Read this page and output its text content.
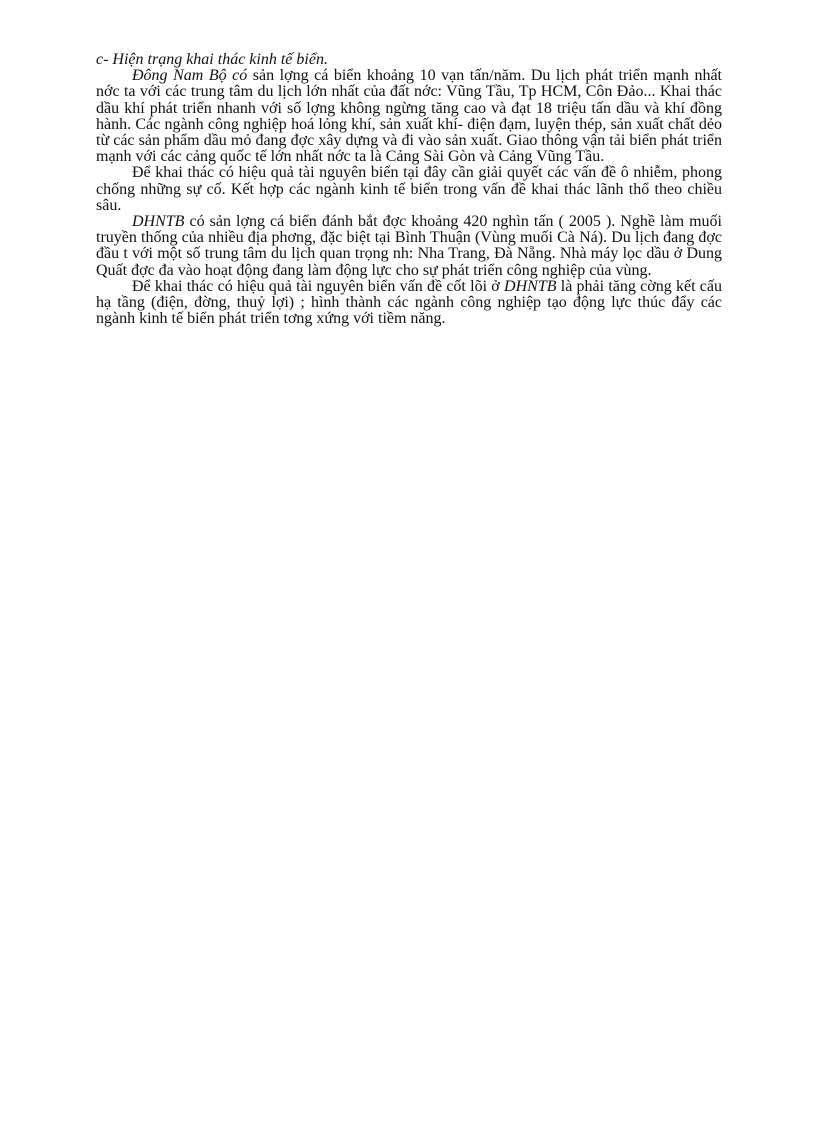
c- Hiện trạng khai thác kinh tế biển.

Đông Nam Bộ có sản lợng cá biển khoảng 10 vạn tấn/năm. Du lịch phát triển mạnh nhất nớc ta với các trung tâm du lịch lớn nhất của đất nớc: Vũng Tầu, Tp HCM, Côn Đảo... Khai thác dầu khí phát triển nhanh với số lợng không ngừng tăng cao và đạt 18 triệu tấn dầu và khí đồng hành. Các ngành công nghiệp hoá lỏng khí, sản xuất khí- điện đạm, luyện thép, sản xuất chất dẻo từ các sản phẩm dầu mỏ đang đợc xây dựng và đi vào sản xuất. Giao thông vận tải biển phát triển mạnh với các cảng quốc tế lớn nhất nớc ta là Cảng Sài Gòn và Cảng Vũng Tầu.

Để khai thác có hiệu quả tài nguyên biển tại đây cần giải quyết các vấn đề ô nhiễm, phong chống những sự cố. Kết hợp các ngành kinh tế biển trong vấn đề khai thác lãnh thổ theo chiều sâu.

DHNTB có sản lợng cá biển đánh bắt đợc khoảng 420 nghìn tấn ( 2005 ). Nghề làm muối truyền thống của nhiều địa phơng, đặc biệt tại Bình Thuận (Vùng muối Cà Ná). Du lịch đang đợc đầu t với một số trung tâm du lịch quan trọng nh: Nha Trang, Đà Nẵng. Nhà máy lọc dầu ở Dung Quất đợc đa vào hoạt động đang làm động lực cho sự phát triển công nghiệp của vùng.

Để khai thác có hiệu quả tài nguyên biển vấn đề cốt lõi ở DHNTB là phải tăng cờng kết cấu hạ tầng (điện, đờng, thuỷ lợi) ; hình thành các ngành công nghiệp tạo động lực thúc đẩy các ngành kinh tế biển phát triển tơng xứng với tiềm năng.
